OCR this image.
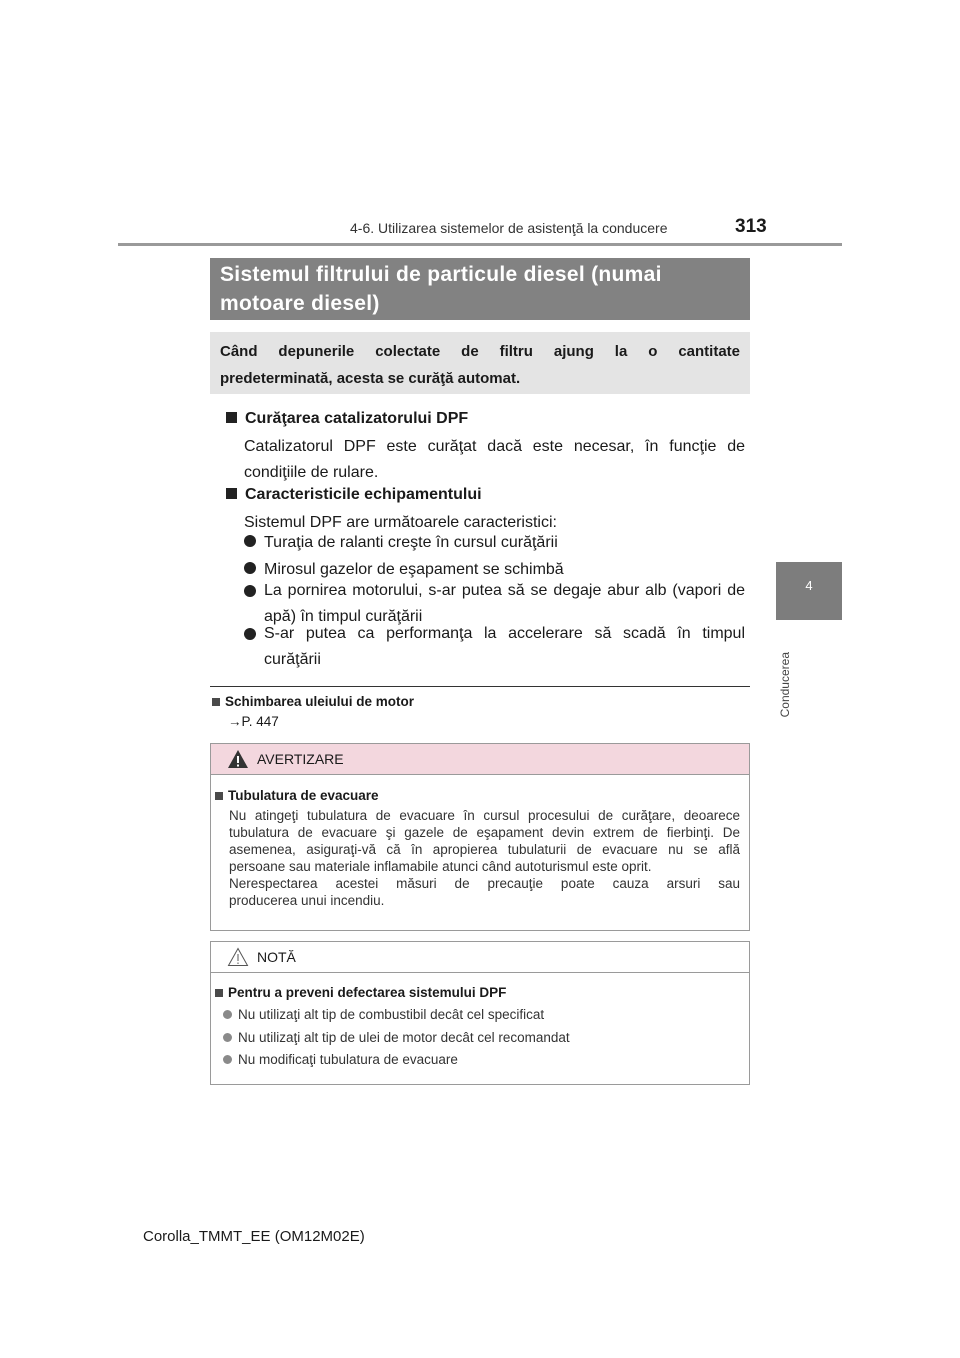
4-6. Utilizarea sistemelor de asistenţă la conducere	313
4
Conducerea
Sistemul filtrului de particule diesel (numai
motoare diesel)
Când depunerile colectate de filtru ajung la o cantitate
predeterminată, acesta se curăţă automat.
Curăţarea catalizatorului DPF
Catalizatorul DPF este curăţat dacă este necesar, în funcţie de
condiţiile de rulare.
Caracteristicile echipamentului
Sistemul DPF are următoarele caracteristici:
Turaţia de ralanti creşte în cursul curăţării
Mirosul gazelor de eşapament se schimbă
La pornirea motorului, s-ar putea să se degaje abur alb (vapori de
apă) în timpul curăţării
S-ar putea ca performanţa la accelerare să scadă în timpul
curăţării
Schimbarea uleiului de motor
→P. 447
AVERTIZARE
Tubulatura de evacuare
Nu atingeţi tubulatura de evacuare în cursul procesului de curăţare, deoarece
tubulatura de evacuare şi gazele de eşapament devin extrem de fierbinţi. De
asemenea, asiguraţi-vă că în apropierea tubulaturii de evacuare nu se află
persoane sau materiale inflamabile atunci când autoturismul este oprit.
Nerespectarea acestei măsuri de precauţie poate cauza arsuri sau
producerea unui incendiu.
NOTĂ
Pentru a preveni defectarea sistemului DPF
Nu utilizaţi alt tip de combustibil decât cel specificat
Nu utilizaţi alt tip de ulei de motor decât cel recomandat
Nu modificaţi tubulatura de evacuare
Corolla_TMMT_EE (OM12M02E)
